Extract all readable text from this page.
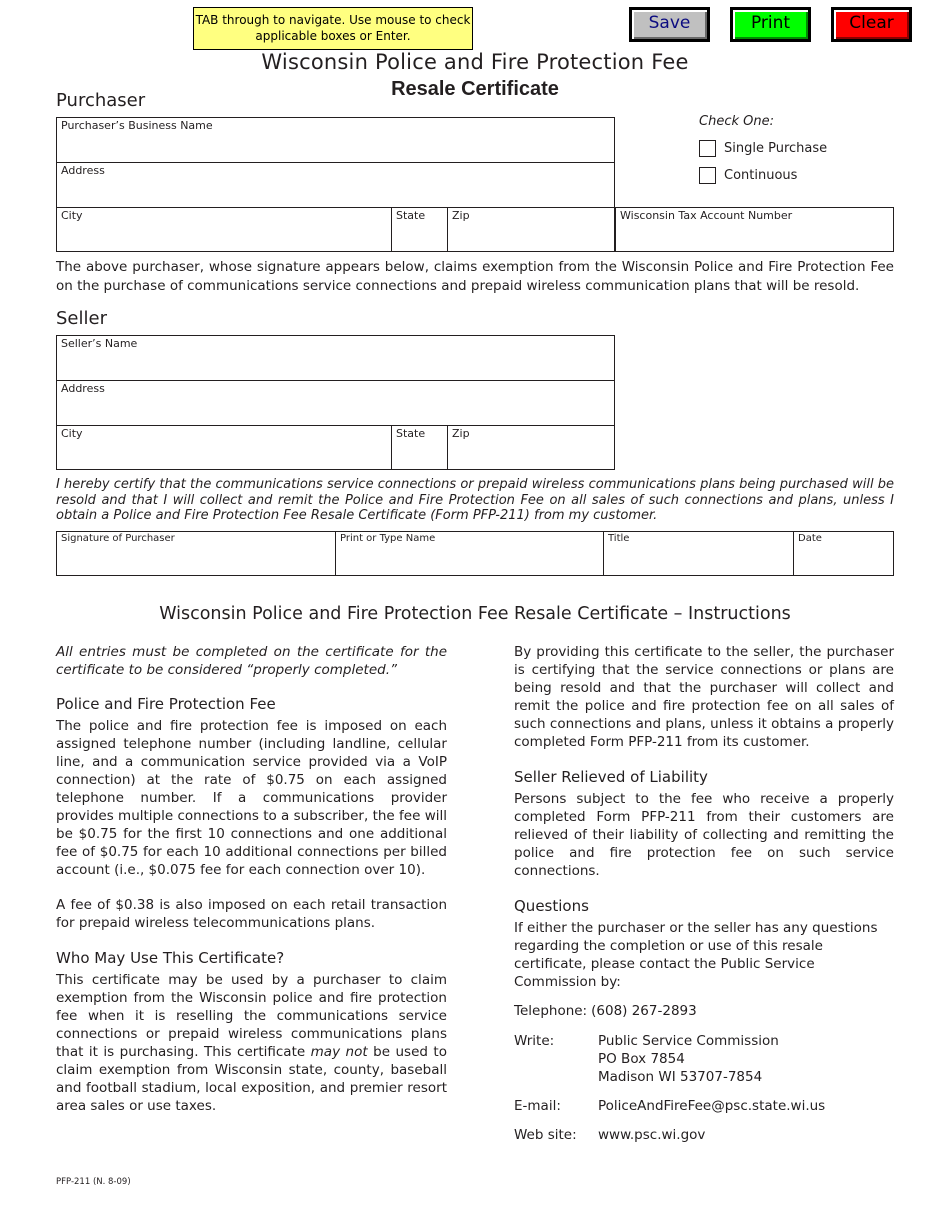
TAB through to navigate. Use mouse to check applicable boxes or Enter.
Save	Print	Clear
Wisconsin Police and Fire Protection Fee
Resale Certificate
Purchaser
Purchaser’s Business Name
Address
City	State Zip	Wisconsin Tax Account Number
Check One:
Single Purchase
Continuous
The above purchaser, whose signature appears below, claims exemption from the Wisconsin Police and Fire Protection Fee on the purchase of communications service connections and prepaid wireless communication plans that will be resold.
Seller
Seller’s Name
Address
City	State Zip
I hereby certify that the communications service connections or prepaid wireless communications plans being purchased will be resold and that I will collect and remit the Police and Fire Protection Fee on all sales of such connections and plans, unless I obtain a Police and Fire Protection Fee Resale Certificate (Form PFP-211) from my customer.
Signature of Purchaser	Print or Type Name	Title	Date
Wisconsin Police and Fire Protection Fee Resale Certificate – Instructions

All entries must be completed on the certificate for the certificate to be considered “properly completed.”

Police and Fire Protection Fee

The police and fire protection fee is imposed on each assigned telephone number (including landline, cellular line, and a communication service provided via a VoIP connection) at the rate of $0.75 on each assigned telephone number. If a communications provider provides multiple connections to a subscriber, the fee will be $0.75 for the first 10 connections and one additional fee of $0.75 for each 10 additional connections per billed account (i.e., $0.075 fee for each connection over 10).

A fee of $0.38 is also imposed on each retail transaction for prepaid wireless telecommunications plans.

Who May Use This Certificate?

This certificate may be used by a purchaser to claim exemption from the Wisconsin police and fire protection fee when it is reselling the communications service connections or prepaid wireless communications plans that it is purchasing. This certificate may not be used to claim exemption from Wisconsin state, county, baseball and football stadium, local exposition, and premier resort area sales or use taxes.

By providing this certificate to the seller, the purchaser is certifying that the service connections or plans are being resold and that the purchaser will collect and remit the police and fire protection fee on all sales of such connections and plans, unless it obtains a properly completed Form PFP-211 from its customer.

Seller Relieved of Liability

Persons subject to the fee who receive a properly completed Form PFP-211 from their customers are relieved of their liability of collecting and remitting the police and fire protection fee on such service connections.

Questions

If either the purchaser or the seller has any questions regarding the completion or use of this resale certificate, please contact the Public Service Commission by:

Telephone: (608) 267-2893
Write:	Public Service Commission
PO Box 7854
Madison WI 53707-7854
E-mail:	PoliceAndFireFee@psc.state.wi.us
Web site:	www.psc.wi.gov
PFP-211 (N. 8-09)
